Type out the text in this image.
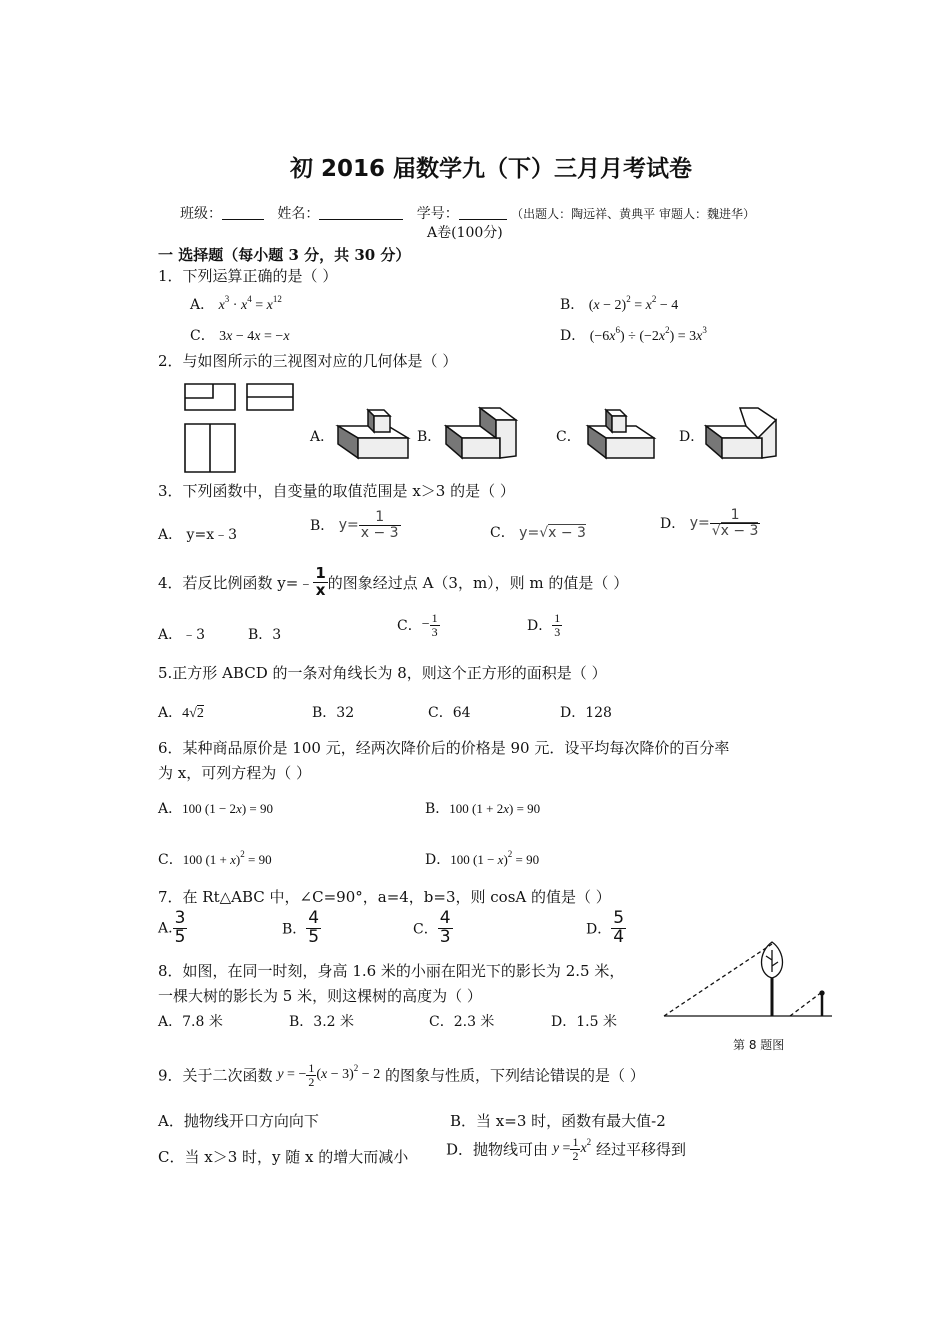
初 2016 届数学九（下）三月月考试卷
班级：	姓名：	学号：	（出题人：陶远祥、黄典平 审题人：魏进华）
A卷(100分)
一 选择题（每小题 3 分，共 30 分）
1．下列运算正确的是（ ）
A． $x^3 \cdot x^4 = x^{12}$	B． $(x - 2)^2 = x^2 - 4$
C． 3x − 4x = −x	D． $(-6x^6) \div (-2x^2) = 3x^3$
2．与如图所示的三视图对应的几何体是（ ）
A．	B．	C．	D．
3．下列函数中，自变量的取值范围是 x＞3 的是（ ）
A． y=x﹣3
B． $y= \frac{1}{x - 3}$	C． y=√x − 3
D． $y= \frac{1}{√x - 3}$
4．若反比例函数 y=﹣ $\frac{1}{x}$ 的图象经过点 A（3，m），则 m 的值是（ ）
A．﹣3	B．3
C．− $\frac{1}{3}$	D． $\frac{1}{3}$
5.正方形 ABCD 的一条对角线长为 8，则这个正方形的面积是（ ）
A．4√2	B．32	C．64	D．128
6．某种商品原价是 100 元，经两次降价后的价格是 90 元．设平均每次降价的百分率
为 x，可列方程为（ ）
A．100 (1 − 2x) = 90	B．100 (1 + 2x) = 90
C．100 $(1 + x)^2 = 90$	D．100 $(1 - x)^2 = 90$
7．在 Rt△ABC 中，∠C=90°，a=4，b=3，则 cosA 的值是（ ）
A. $\frac{3}{5}$	B． $\frac{4}{5}$	C． $\frac{4}{3}$	D． $\frac{5}{4}$
8．如图，在同一时刻，身高 1.6 米的小丽在阳光下的影长为 2.5 米，
一棵大树的影长为 5 米，则这棵树的高度为（ ）
A．7.8 米	B．3.2 米	C．2.3 米	D．1.5 米
第 8 题图
9．关于二次函数 y = − $\frac{1}{2} (x - 3)^2 - 2$ 的图象与性质，下列结论错误的是（ ）
A．抛物线开口方向向下	B．当 x=3 时，函数有最大值-2
C．当 x＞3 时，y 随 x 的增大而减小	D．抛物线可由 $y = \frac{1}{2} x^2$ 经过平移得到
